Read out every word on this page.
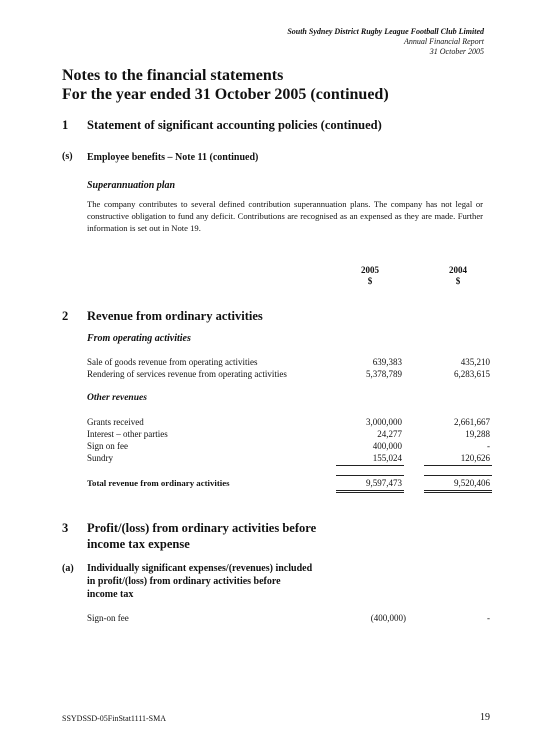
South Sydney District Rugby League Football Club Limited
Annual Financial Report
31 October 2005
Notes to the financial statements
For the year ended 31 October 2005 (continued)
1 Statement of significant accounting policies (continued)
(s) Employee benefits – Note 11 (continued)
Superannuation plan
The company contributes to several defined contribution superannuation plans. The company has not legal or constructive obligation to fund any deficit. Contributions are recognised as an expensed as they are made. Further information is set out in Note 19.
2005
$
2004
$
2 Revenue from ordinary activities
From operating activities
Sale of goods revenue from operating activities	639,383	435,210
Rendering of services revenue from operating activities	5,378,789	6,283,615
Other revenues
Grants received	3,000,000	2,661,667
Interest – other parties	24,277	19,288
Sign on fee	400,000	-
Sundry	155,024	120,626
Total revenue from ordinary activities	9,597,473	9,520,406
3 Profit/(loss) from ordinary activities before
income tax expense
(a) Individually significant expenses/(revenues) included
in profit/(loss) from ordinary activities before
income tax
Sign-on fee	(400,000)	-
SSYDSSD-05FinStat1111-SMA	19
